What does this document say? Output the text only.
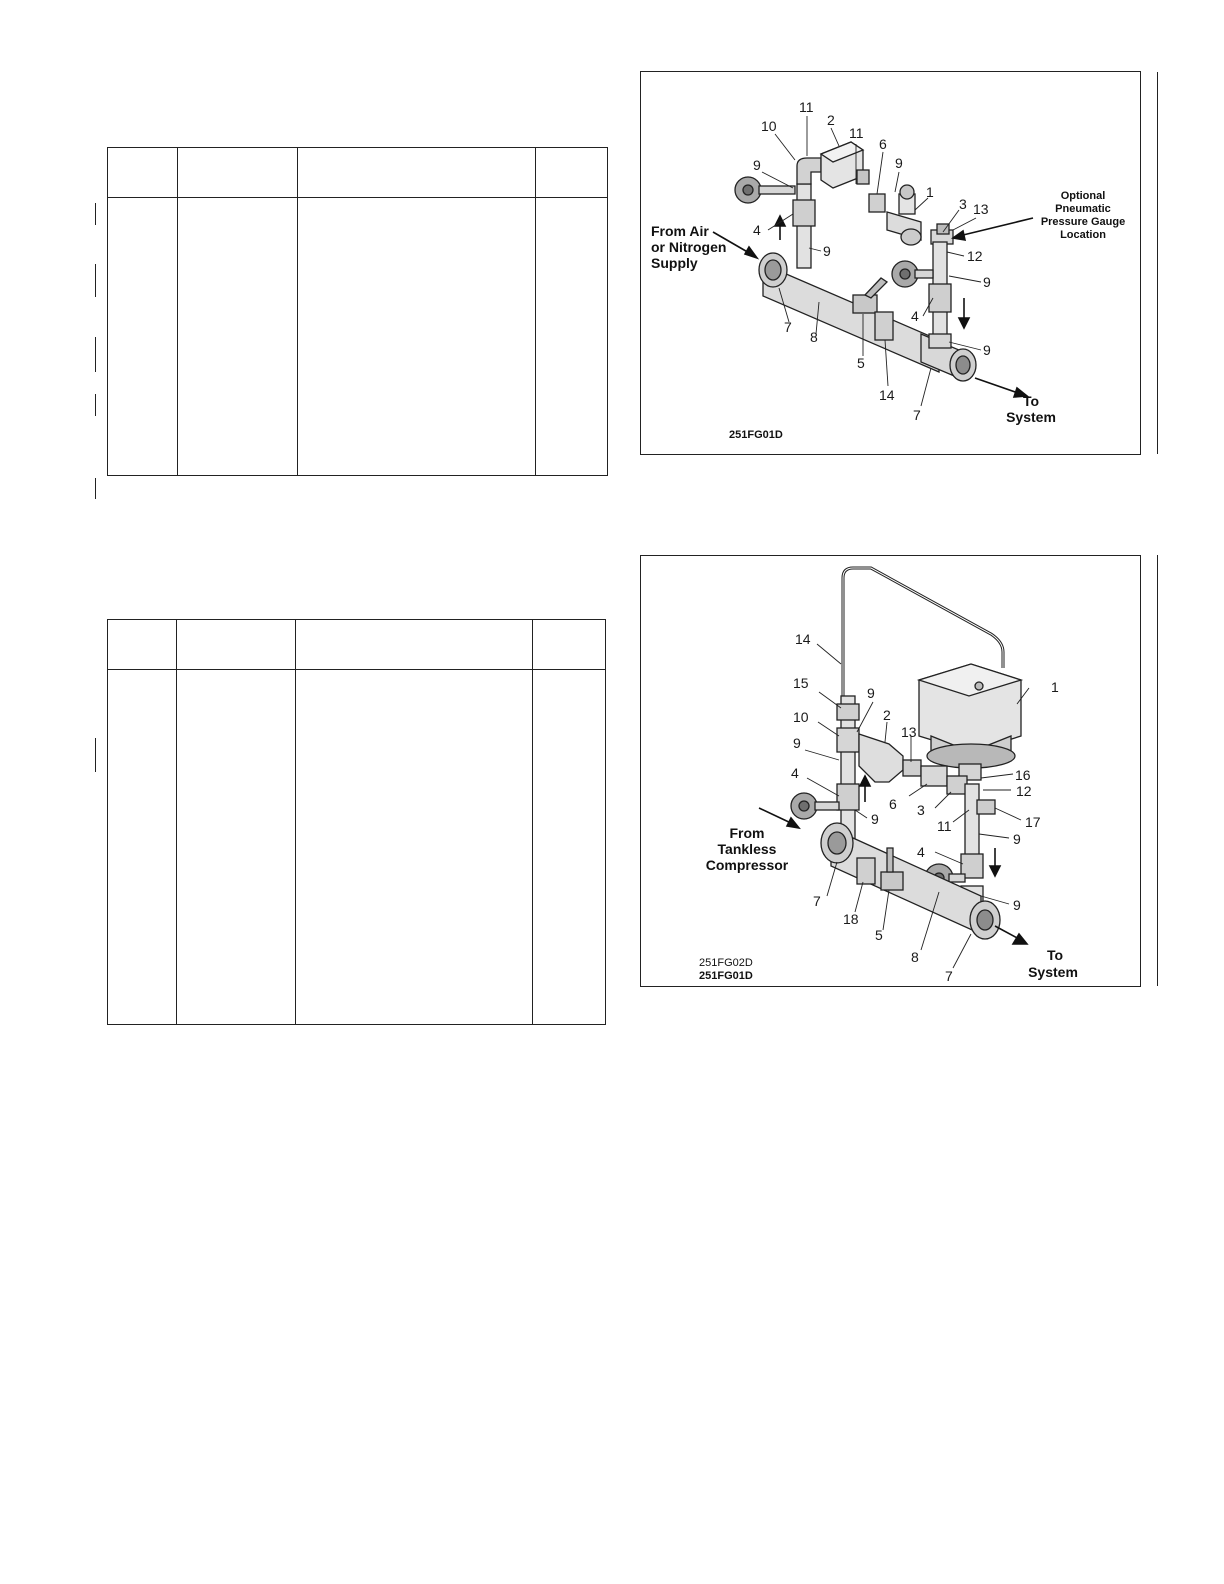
11
10	2
11
6
9	9
1
3 13
4
9	12
9
4
7
8
5
9
14
7
From Air
or Nitrogen
Supply
Optional
Pneumatic
Pressure Gauge
Location
To
System
251FG01D
14
15
9	1
2
10
13
9
4	16
12
6 3
17
11
9
9
4
9
7
18
5
8
7
From
Tankless
Compressor
To
System
251FG02D
251FG01D
